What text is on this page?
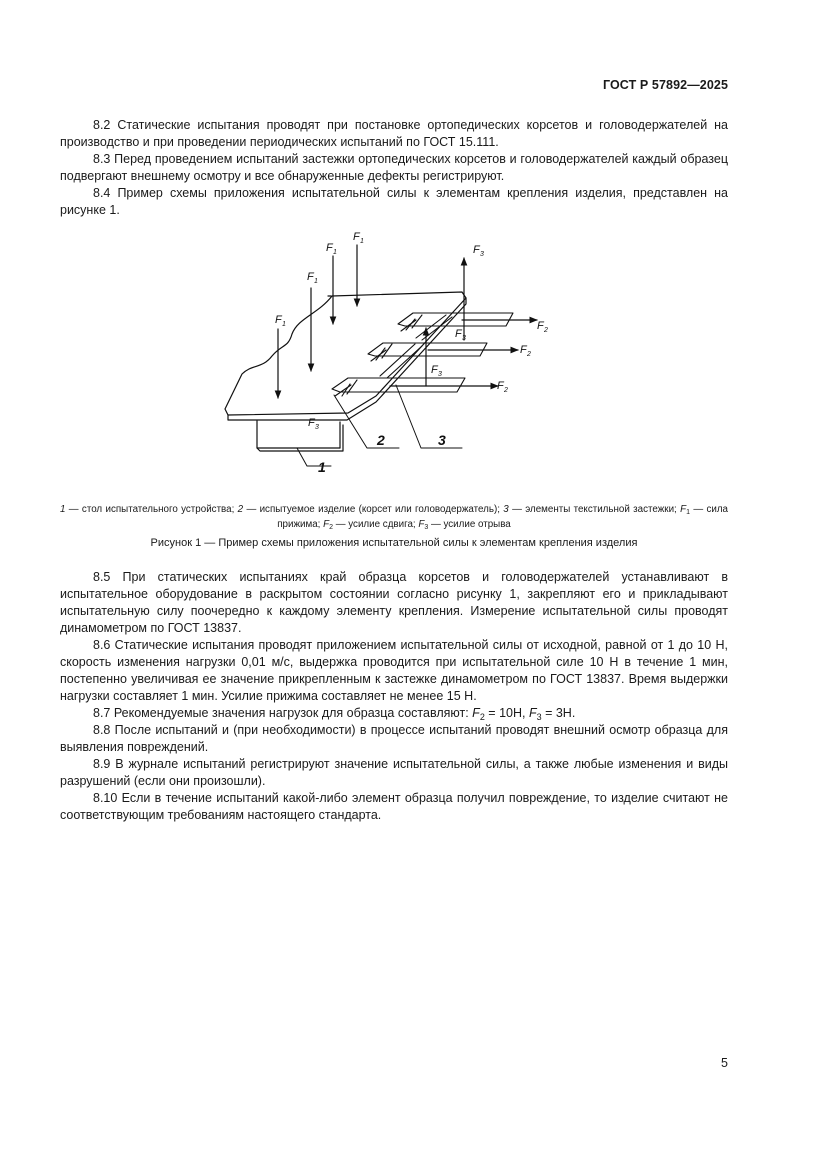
ГОСТ Р 57892—2025

8.2 Статические испытания проводят при постановке ортопедических корсетов и головодержателей на производство и при проведении периодических испытаний по ГОСТ 15.111.

8.3 Перед проведением испытаний застежки ортопедических корсетов и головодержателей каждый образец подвергают внешнему осмотру и все обнаруженные дефекты регистрируют.

8.4 Пример схемы приложения испытательной силы к элементам крепления изделия, представлен на рисунке 1.

F 1
F 1
F 1
F 1
F 3
F 3
F 3
F 3
F 2
F 2
F 2
1
2	3
1 — стол испытательного устройства; 2 — испытуемое изделие (корсет или головодержатель); 3 — элементы текстильной застежки; $F_1$ — сила прижима; $F_2$ — усилие сдвига; $F_3$ — усилие отрыва
Рисунок 1 — Пример схемы приложения испытательной силы к элементам крепления изделия

8.5 При статических испытаниях край образца корсетов и головодержателей устанавливают в испытательное оборудование в раскрытом состоянии согласно рисунку 1, закрепляют его и прикладывают испытательную силу поочередно к каждому элементу крепления. Измерение испытательной силы проводят динамометром по ГОСТ 13837.

8.6 Статические испытания проводят приложением испытательной силы от исходной, равной от 1 до 10 Н, скорость изменения нагрузки 0,01 м/с, выдержка проводится при испытательной силе 10 Н в течение 1 мин, постепенно увеличивая ее значение прикрепленным к застежке динамометром по ГОСТ 13837. Время выдержки нагрузки составляет 1 мин. Усилие прижима составляет не менее 15 Н.

8.7 Рекомендуемые значения нагрузок для образца составляют: $F_2 = 10Н$, $F_3 = 3Н$.

8.8 После испытаний и (при необходимости) в процессе испытаний проводят внешний осмотр образца для выявления повреждений.

8.9 В журнале испытаний регистрируют значение испытательной силы, а также любые изменения и виды разрушений (если они произошли).

8.10 Если в течение испытаний какой-либо элемент образца получил повреждение, то изделие считают не соответствующим требованиям настоящего стандарта.

5
